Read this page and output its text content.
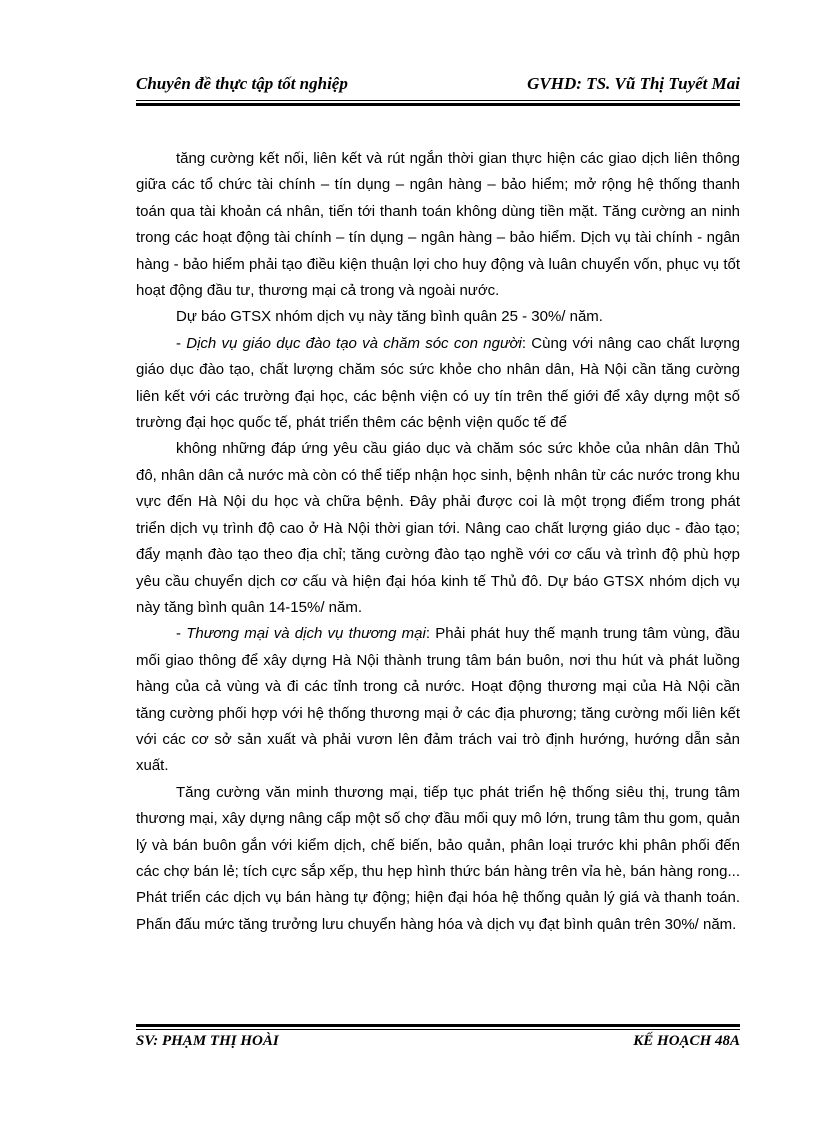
Chuyên đề thực tập tốt nghiệp	GVHD: TS. Vũ Thị Tuyết Mai

tăng cường kết nối, liên kết và rút ngắn thời gian thực hiện các giao dịch liên thông giữa các tổ chức tài chính – tín dụng – ngân hàng – bảo hiểm; mở rộng hệ thống thanh toán qua tài khoản cá nhân, tiến tới thanh toán không dùng tiền mặt. Tăng cường an ninh trong các hoạt động tài chính – tín dụng – ngân hàng – bảo hiểm. Dịch vụ tài chính - ngân hàng - bảo hiểm phải tạo điều kiện thuận lợi cho huy động và luân chuyển vốn, phục vụ tốt hoạt động đầu tư, thương mại cả trong và ngoài nước.

Dự báo GTSX nhóm dịch vụ này tăng bình quân 25 - 30%/ năm.

- Dịch vụ giáo dục đào tạo và chăm sóc con người: Cùng với nâng cao chất lượng giáo dục đào tạo, chất lượng chăm sóc sức khỏe cho nhân dân, Hà Nội cần tăng cường liên kết với các trường đại học, các bệnh viện có uy tín trên thế giới để xây dựng một số trường đại học quốc tế, phát triển thêm các bệnh viện quốc tế để

không những đáp ứng yêu cầu giáo dục và chăm sóc sức khỏe của nhân dân Thủ đô, nhân dân cả nước mà còn có thể tiếp nhận học sinh, bệnh nhân từ các nước trong khu vực đến Hà Nội du học và chữa bệnh. Đây phải được coi là một trọng điểm trong phát triển dịch vụ trình độ cao ở Hà Nội thời gian tới. Nâng cao chất lượng giáo dục - đào tạo; đẩy mạnh đào tạo theo địa chỉ; tăng cường đào tạo nghề với cơ cấu và trình độ phù hợp yêu cầu chuyển dịch cơ cấu và hiện đại hóa kinh tế Thủ đô. Dự báo GTSX nhóm dịch vụ này tăng bình quân 14-15%/ năm.

- Thương mại và dịch vụ thương mại: Phải phát huy thế mạnh trung tâm vùng, đầu mối giao thông để xây dựng Hà Nội thành trung tâm bán buôn, nơi thu hút và phát luồng hàng của cả vùng và đi các tỉnh trong cả nước. Hoạt động thương mại của Hà Nội cần tăng cường phối hợp với hệ thống thương mại ở các địa phương; tăng cường mối liên kết với các cơ sở sản xuất và phải vươn lên đảm trách vai trò định hướng, hướng dẫn sản xuất.

Tăng cường văn minh thương mại, tiếp tục phát triển hệ thống siêu thị, trung tâm thương mại, xây dựng nâng cấp một số chợ đầu mối quy mô lớn, trung tâm thu gom, quản lý và bán buôn gắn với kiểm dịch, chế biến, bảo quản, phân loại trước khi phân phối đến các chợ bán lẻ; tích cực sắp xếp, thu hẹp hình thức bán hàng trên vỉa hè, bán hàng rong... Phát triển các dịch vụ bán hàng tự động; hiện đại hóa hệ thống quản lý giá và thanh toán. Phấn đấu mức tăng trưởng lưu chuyển hàng hóa và dịch vụ đạt bình quân trên 30%/ năm.

SV: PHẠM THỊ HOÀI	KẾ HOẠCH 48A
